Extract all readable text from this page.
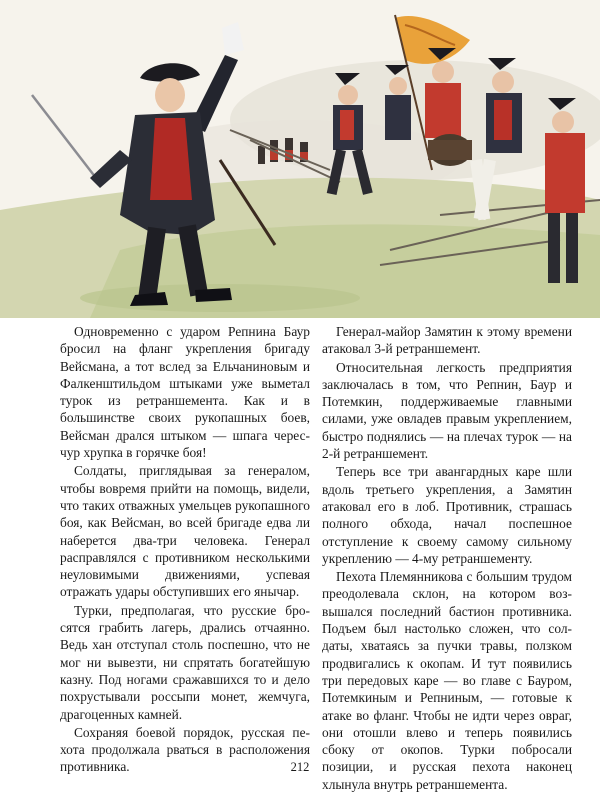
Одновременно с ударом Репнина Баур бросил на фланг укрепления бригаду Вейсмана, а тот вслед за Ельчаниновым и Фалкенштильдом штыками уже выметал турок из ретраншемента. Как и в большинстве своих рукопашных боев, Вейсман дрался штыком — шпага чересчур хрупка в горячке боя!

Солдаты, приглядывая за генералом, чтобы вовремя прийти на помощь, видели, что таких отважных умельцев рукопашного боя, как Вейсман, во всей бригаде едва ли наберется два-три человека. Генерал расправлялся с противником несколькими неуловимыми движениями, успевая отражать удары обступивших его янычар.

Турки, предполагая, что русские бросятся грабить лагерь, дрались отчаянно. Ведь хан отступал столь поспешно, что не мог ни вывезти, ни спрятать богатейшую казну. Под ногами сражавшихся то и дело похрустывали россыпи монет, жемчуга, драгоценных камней.

Сохраняя боевой порядок, русская пехота продолжала рваться в расположения противника.

Генерал-майор Замятин к этому времени атаковал 3-й ретраншемент.

Относительная легкость предприятия заключалась в том, что Репнин, Баур и Потемкин, поддерживаемые главными силами, уже овладев правым укреплением, быстро поднялись — на плечах турок — на 2-й ретраншемент.

Теперь все три авангардных каре шли вдоль третьего укрепления, а Замятин атаковал его в лоб. Противник, страшась полного обхода, начал поспешное отступление к своему самому сильному укреплению — 4-му ретраншементу.

Пехота Племянникова с большим трудом преодолевала склон, на котором возвышался последний бастион противника. Подъем был настолько сложен, что солдаты, хватаясь за пучки травы, ползком продвигались к окопам. И тут появились три передовых каре — во главе с Бауром, Потемкиным и Репниным, — готовые к атаке во фланг. Чтобы не идти через овраг, они отошли влево и теперь появились сбоку от окопов. Турки побросали позиции, и русская пехота наконец хлынула внутрь ретраншемента.

212
